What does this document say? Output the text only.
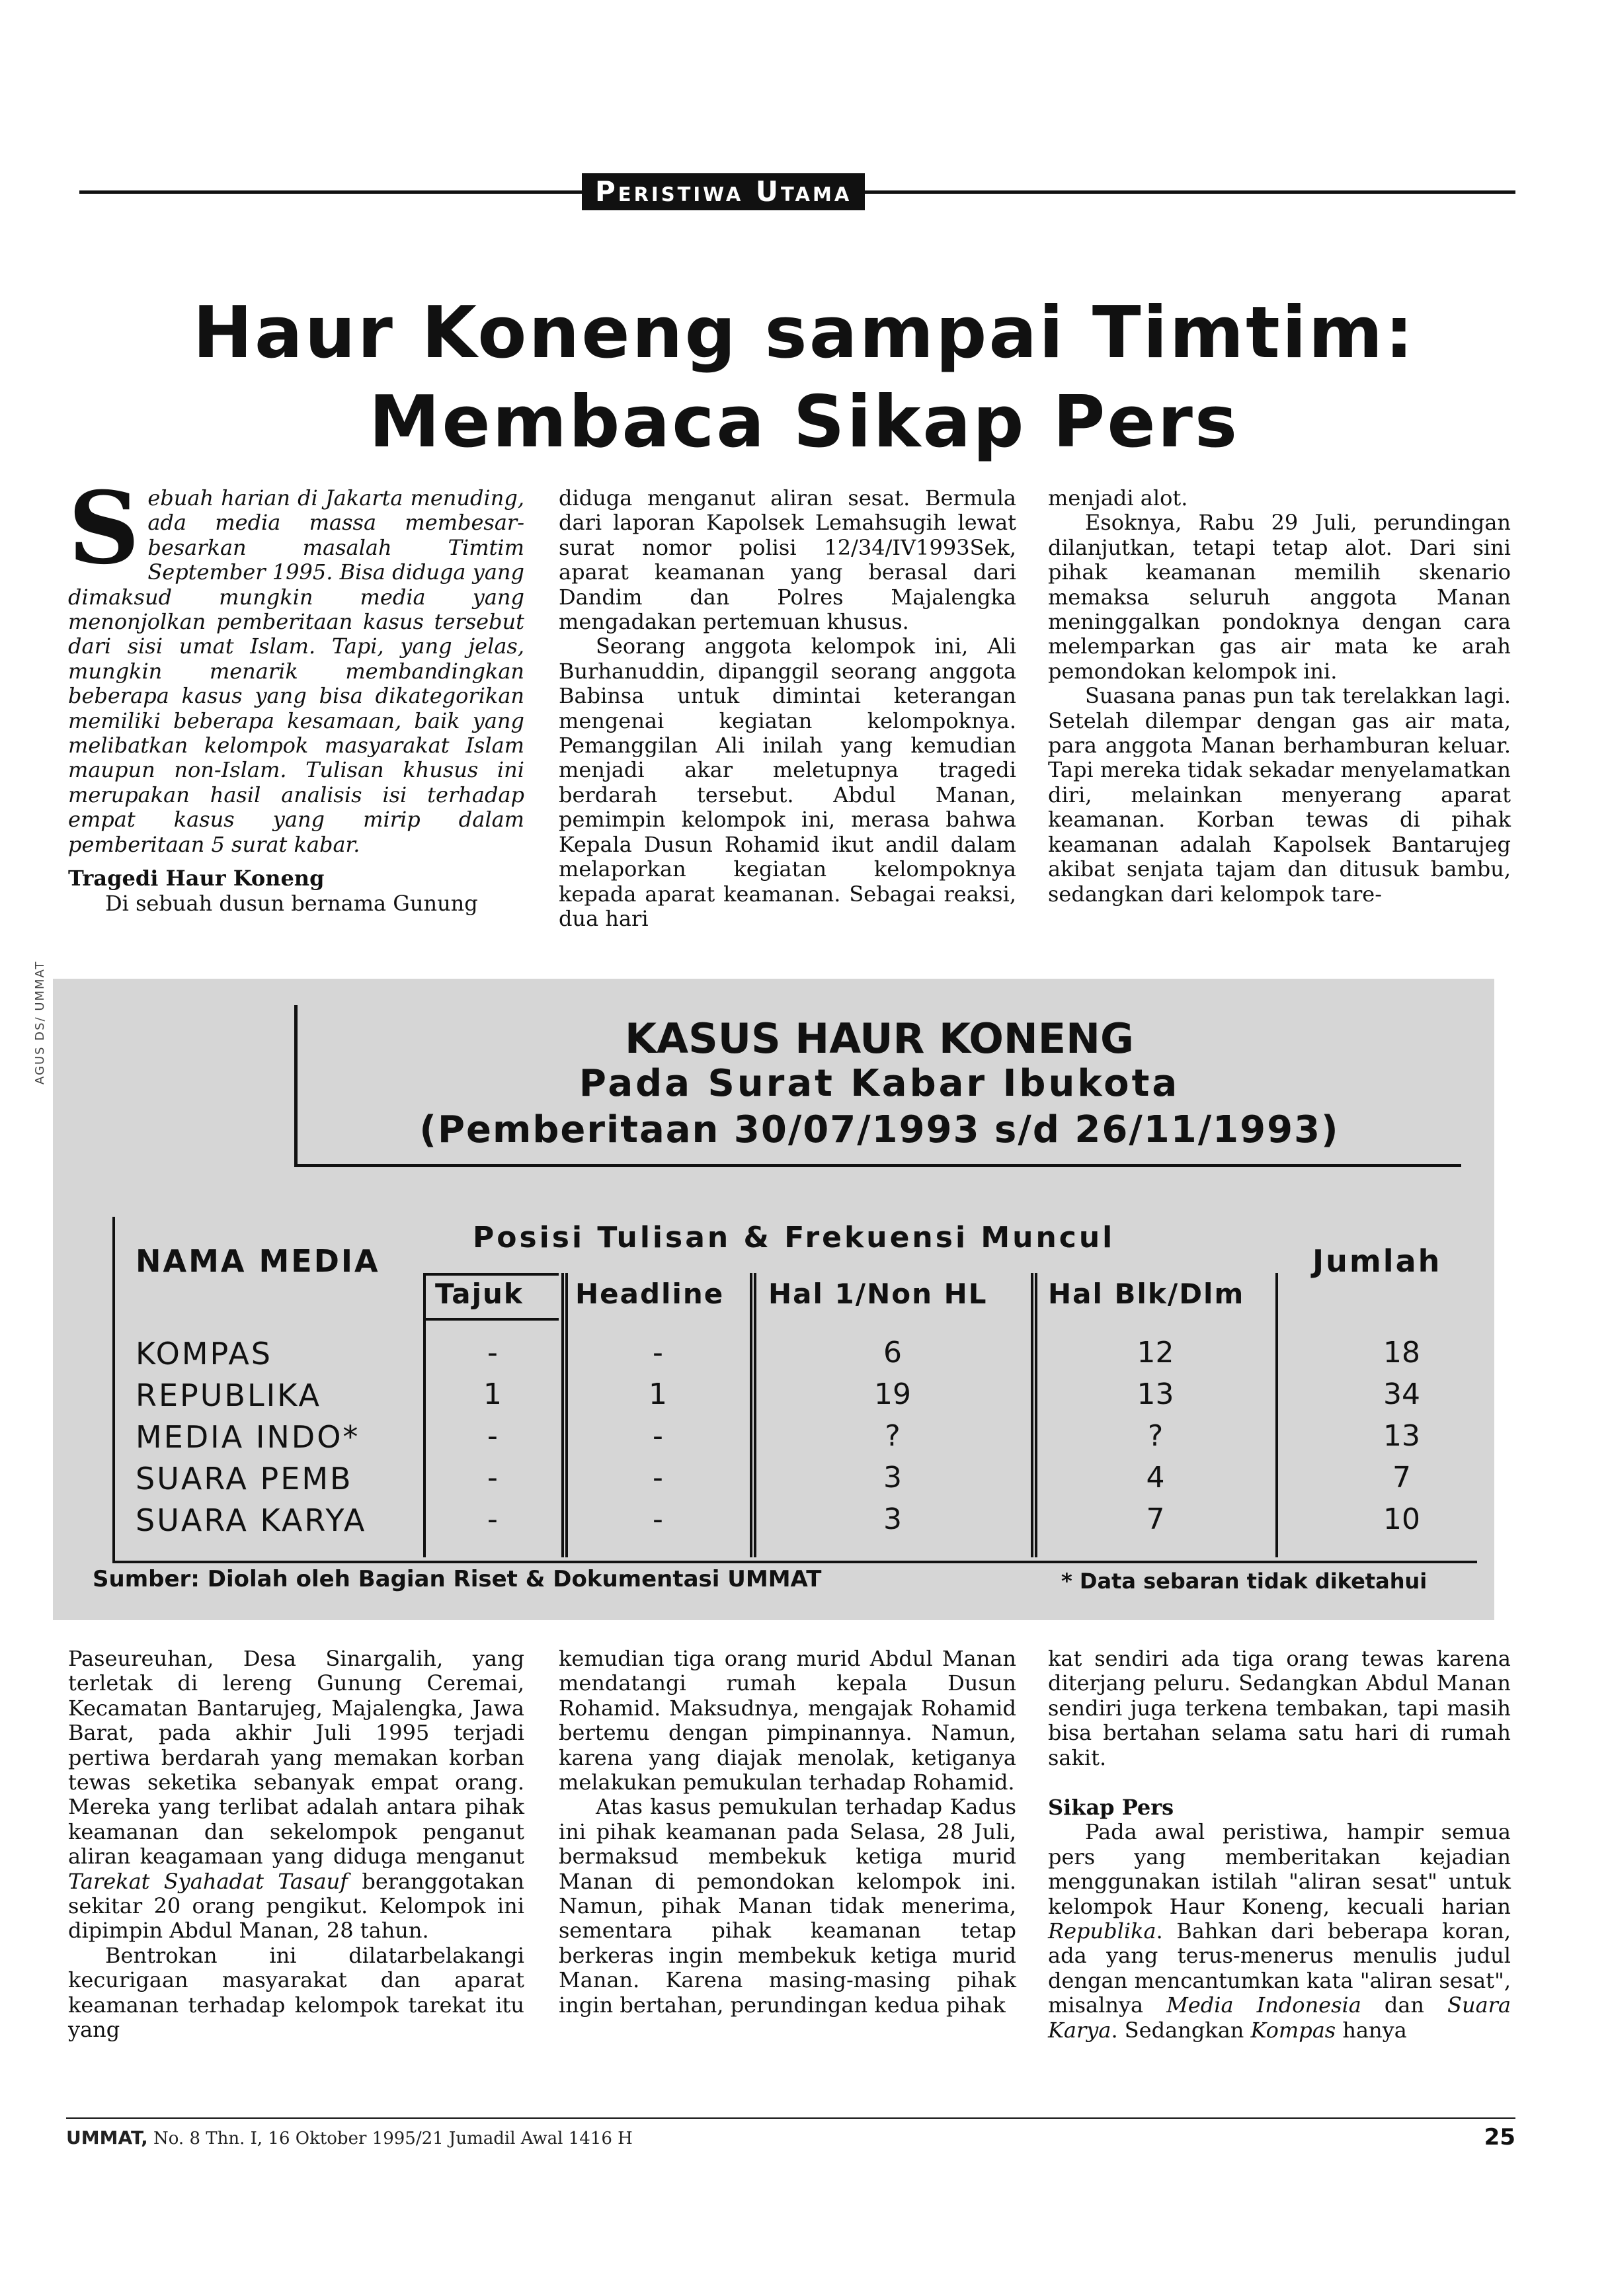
Peristiwa Utama
Haur Koneng sampai Timtim:
Membaca Sikap Pers

Sebuah harian di Jakarta menuding, ada media massa membesar-besarkan masalah Timtim September 1995. Bisa diduga yang dimaksud mungkin media yang menonjolkan pemberitaan kasus tersebut dari sisi umat Islam. Tapi, yang jelas, mungkin menarik membandingkan beberapa kasus yang bisa dikategorikan memiliki beberapa kesamaan, baik yang melibatkan kelompok masyarakat Islam maupun non-Islam. Tulisan khusus ini merupakan hasil analisis isi terhadap empat kasus yang mirip dalam pemberitaan 5 surat kabar.

Tragedi Haur Koneng

Di sebuah dusun bernama Gunung

diduga menganut aliran sesat. Bermula dari laporan Kapolsek Lemahsugih lewat surat nomor polisi 12/34/IV1993Sek, aparat keamanan yang berasal dari Dandim dan Polres Majalengka mengadakan pertemuan khusus.

Seorang anggota kelompok ini, Ali Burhanuddin, dipanggil seorang anggota Babinsa untuk dimintai keterangan mengenai kegiatan kelompoknya. Pemanggilan Ali inilah yang kemudian menjadi akar meletupnya tragedi berdarah tersebut. Abdul Manan, pemimpin kelompok ini, merasa bahwa Kepala Dusun Rohamid ikut andil dalam melaporkan kegiatan kelompoknya kepada aparat keamanan. Sebagai reaksi, dua hari

menjadi alot.

Esoknya, Rabu 29 Juli, perundingan dilanjutkan, tetapi tetap alot. Dari sini pihak keamanan memilih skenario memaksa seluruh anggota Manan meninggalkan pondoknya dengan cara melemparkan gas air mata ke arah pemondokan kelompok ini.

Suasana panas pun tak terelakkan lagi. Setelah dilempar dengan gas air mata, para anggota Manan berhamburan keluar. Tapi mereka tidak sekadar menyelamatkan diri, melainkan menyerang aparat keamanan. Korban tewas di pihak keamanan adalah Kapolsek Bantarujeg akibat senjata tajam dan ditusuk bambu, sedangkan dari kelompok tare-

AGUS DS/ UMMAT	KASUS HAUR KONENG
Pada Surat Kabar Ibukota
(Pemberitaan 30/07/1993 s/d 26/11/1993)
NAMA MEDIA
Posisi Tulisan & Frekuensi Muncul
Jumlah
Tajuk Headline Hal 1/Non HL Hal Blk/Dlm
KOMPAS	-	-	6	12	18
REPUBLIKA	1	1	19	13	34
MEDIA INDO*	-	-	?	?	13
SUARA PEMB	-	-	3	4	7
SUARA KARYA	-	-	3	7	10
Sumber: Diolah oleh Bagian Riset & Dokumentasi UMMAT	* Data sebaran tidak diketahui

Paseureuhan, Desa Sinargalih, yang terletak di lereng Gunung Ceremai, Kecamatan Bantarujeg, Majalengka, Jawa Barat, pada akhir Juli 1995 terjadi pertiwa berdarah yang memakan korban tewas seketika sebanyak empat orang. Mereka yang terlibat adalah antara pihak keamanan dan sekelompok penganut aliran keagamaan yang diduga menganut Tarekat Syahadat Tasauf beranggotakan sekitar 20 orang pengikut. Kelompok ini dipimpin Abdul Manan, 28 tahun.

Bentrokan ini dilatarbelakangi kecurigaan masyarakat dan aparat keamanan terhadap kelompok tarekat itu yang

kemudian tiga orang murid Abdul Manan mendatangi rumah kepala Dusun Rohamid. Maksudnya, mengajak Rohamid bertemu dengan pimpinannya. Namun, karena yang diajak menolak, ketiganya melakukan pemukulan terhadap Rohamid.

Atas kasus pemukulan terhadap Kadus ini pihak keamanan pada Selasa, 28 Juli, bermaksud membekuk ketiga murid Manan di pemondokan kelompok ini. Namun, pihak Manan tidak menerima, sementara pihak keamanan tetap berkeras ingin membekuk ketiga murid Manan. Karena masing-masing pihak ingin bertahan, perundingan kedua pihak

kat sendiri ada tiga orang tewas karena diterjang peluru. Sedangkan Abdul Manan sendiri juga terkena tembakan, tapi masih bisa bertahan selama satu hari di rumah sakit.

Sikap Pers

Pada awal peristiwa, hampir semua pers yang memberitakan kejadian menggunakan istilah "aliran sesat" untuk kelompok Haur Koneng, kecuali harian Republika. Bahkan dari beberapa koran, ada yang terus-menerus menulis judul dengan mencantumkan kata "aliran sesat", misalnya Media Indonesia dan Suara Karya. Sedangkan Kompas hanya

UMMAT, No. 8 Thn. I, 16 Oktober 1995/21 Jumadil Awal 1416 H	25
